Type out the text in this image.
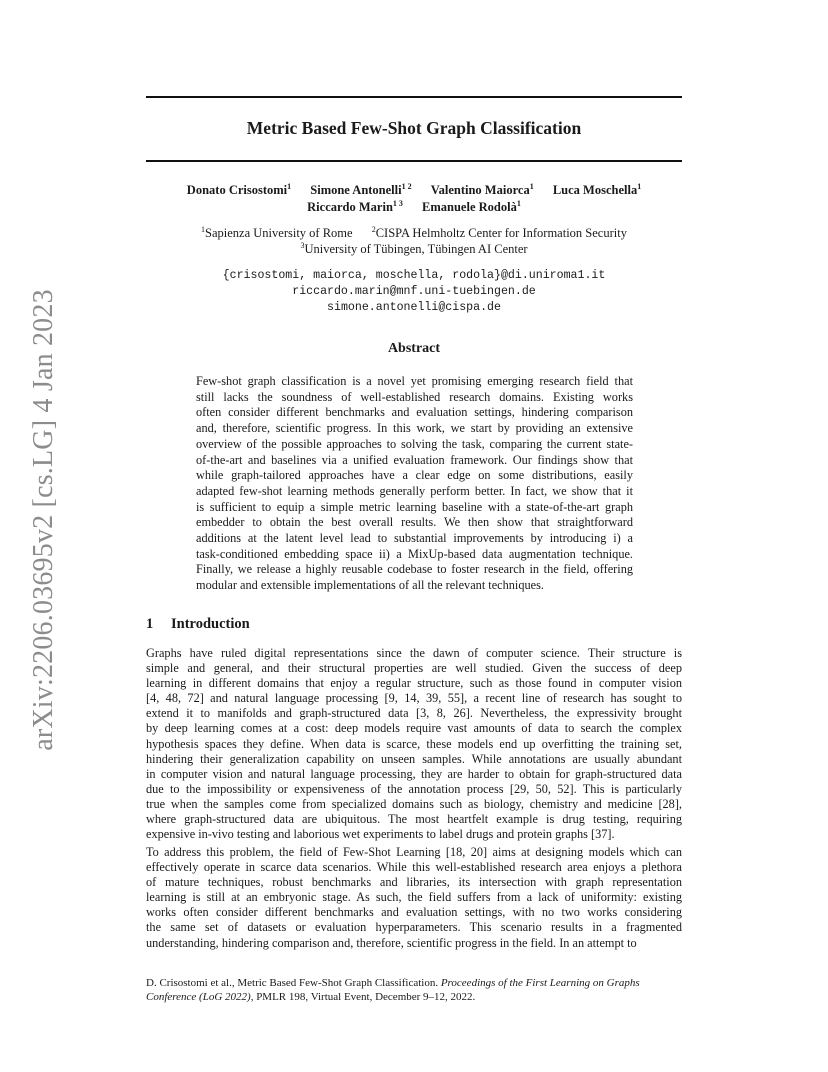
arXiv:2206.03695v2 [cs.LG] 4 Jan 2023
Metric Based Few-Shot Graph Classification
Donato Crisostomi$^1$ Simone Antonelli$^{1 2}$ Valentino Maiorca$^1$ Luca Moschella$^1$
Riccardo Marin$^{1 3}$ Emanuele Rodolà$^1$
$^1$Sapienza University of Rome $^2$CISPA Helmholtz Center for Information Security
$^3$University of Tübingen, Tübingen AI Center
{crisostomi, maiorca, moschella, rodola}@di.uniroma1.it
riccardo.marin@mnf.uni-tuebingen.de
simone.antonelli@cispa.de
Abstract
Few-shot graph classification is a novel yet promising emerging research field that
still lacks the soundness of well-established research domains. Existing works
often consider different benchmarks and evaluation settings, hindering comparison
and, therefore, scientific progress. In this work, we start by providing an extensive
overview of the possible approaches to solving the task, comparing the current state-
of-the-art and baselines via a unified evaluation framework. Our findings show that
while graph-tailored approaches have a clear edge on some distributions, easily
adapted few-shot learning methods generally perform better. In fact, we show that it
is sufficient to equip a simple metric learning baseline with a state-of-the-art graph
embedder to obtain the best overall results. We then show that straightforward
additions at the latent level lead to substantial improvements by introducing i) a
task-conditioned embedding space ii) a MixUp-based data augmentation technique.
Finally, we release a highly reusable codebase to foster research in the field, offering
modular and extensible implementations of all the relevant techniques.
1 Introduction
Graphs have ruled digital representations since the dawn of computer science. Their structure is
simple and general, and their structural properties are well studied. Given the success of deep
learning in different domains that enjoy a regular structure, such as those found in computer vision
[4, 48, 72] and natural language processing [9, 14, 39, 55], a recent line of research has sought to
extend it to manifolds and graph-structured data [3, 8, 26]. Nevertheless, the expressivity brought
by deep learning comes at a cost: deep models require vast amounts of data to search the complex
hypothesis spaces they define. When data is scarce, these models end up overfitting the training set,
hindering their generalization capability on unseen samples. While annotations are usually abundant
in computer vision and natural language processing, they are harder to obtain for graph-structured data
due to the impossibility or expensiveness of the annotation process [29, 50, 52]. This is particularly
true when the samples come from specialized domains such as biology, chemistry and medicine [28],
where graph-structured data are ubiquitous. The most heartfelt example is drug testing, requiring
expensive in-vivo testing and laborious wet experiments to label drugs and protein graphs [37].
To address this problem, the field of Few-Shot Learning [18, 20] aims at designing models which can
effectively operate in scarce data scenarios. While this well-established research area enjoys a plethora
of mature techniques, robust benchmarks and libraries, its intersection with graph representation
learning is still at an embryonic stage. As such, the field suffers from a lack of uniformity: existing
works often consider different benchmarks and evaluation settings, with no two works considering
the same set of datasets or evaluation hyperparameters. This scenario results in a fragmented
understanding, hindering comparison and, therefore, scientific progress in the field. In an attempt to
D. Crisostomi et al., Metric Based Few-Shot Graph Classification. Proceedings of the First Learning on Graphs Conference (LoG 2022), PMLR 198, Virtual Event, December 9–12, 2022.
